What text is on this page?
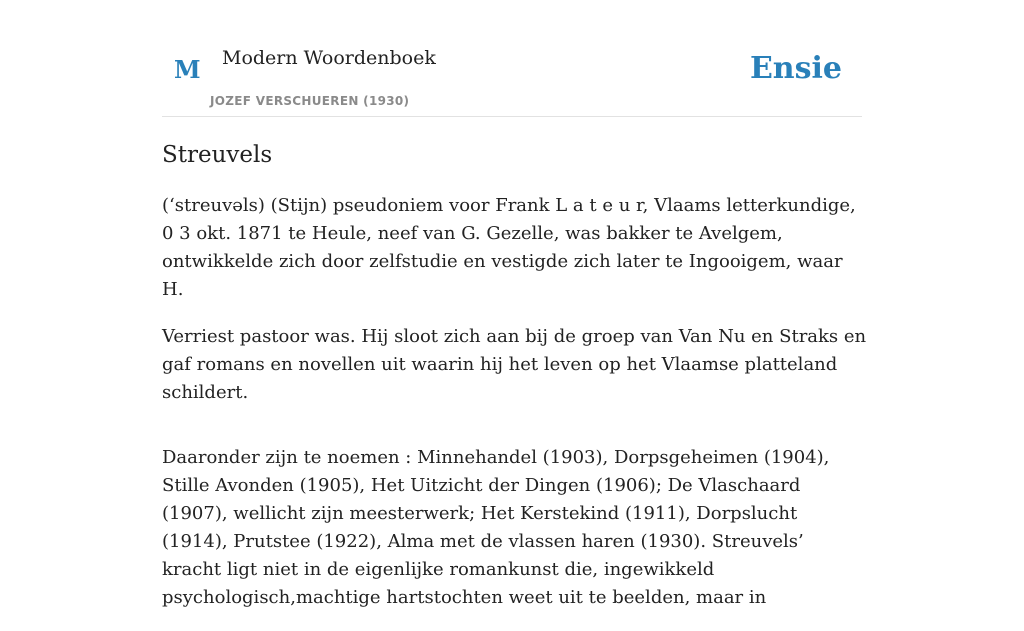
M Modern Woordenboek
JOZEF VERSCHUEREN (1930)
Ensie
Streuvels

(‘streuvəls) (Stijn) pseudoniem voor Frank L a t e u r, Vlaams letterkundige, 0 3 okt. 1871 te Heule, neef van G. Gezelle, was bakker te Avelgem, ontwikkelde zich door zelfstudie en vestigde zich later te Ingooigem, waar H.

Verriest pastoor was. Hij sloot zich aan bij de groep van Van Nu en Straks en gaf romans en novellen uit waarin hij het leven op het Vlaamse platteland schildert.

Daaronder zijn te noemen : Minnehandel (1903), Dorpsgeheimen (1904), Stille Avonden (1905), Het Uitzicht der Dingen (1906); De Vlaschaard (1907), wellicht zijn meesterwerk; Het Kerstekind (1911), Dorpslucht (1914), Prutstee (1922), Alma met de vlassen haren (1930). Streuvels’ kracht ligt niet in de eigenlijke romankunst die, ingewikkeld psychologisch,machtige hartstochten weet uit te beelden, maar in
